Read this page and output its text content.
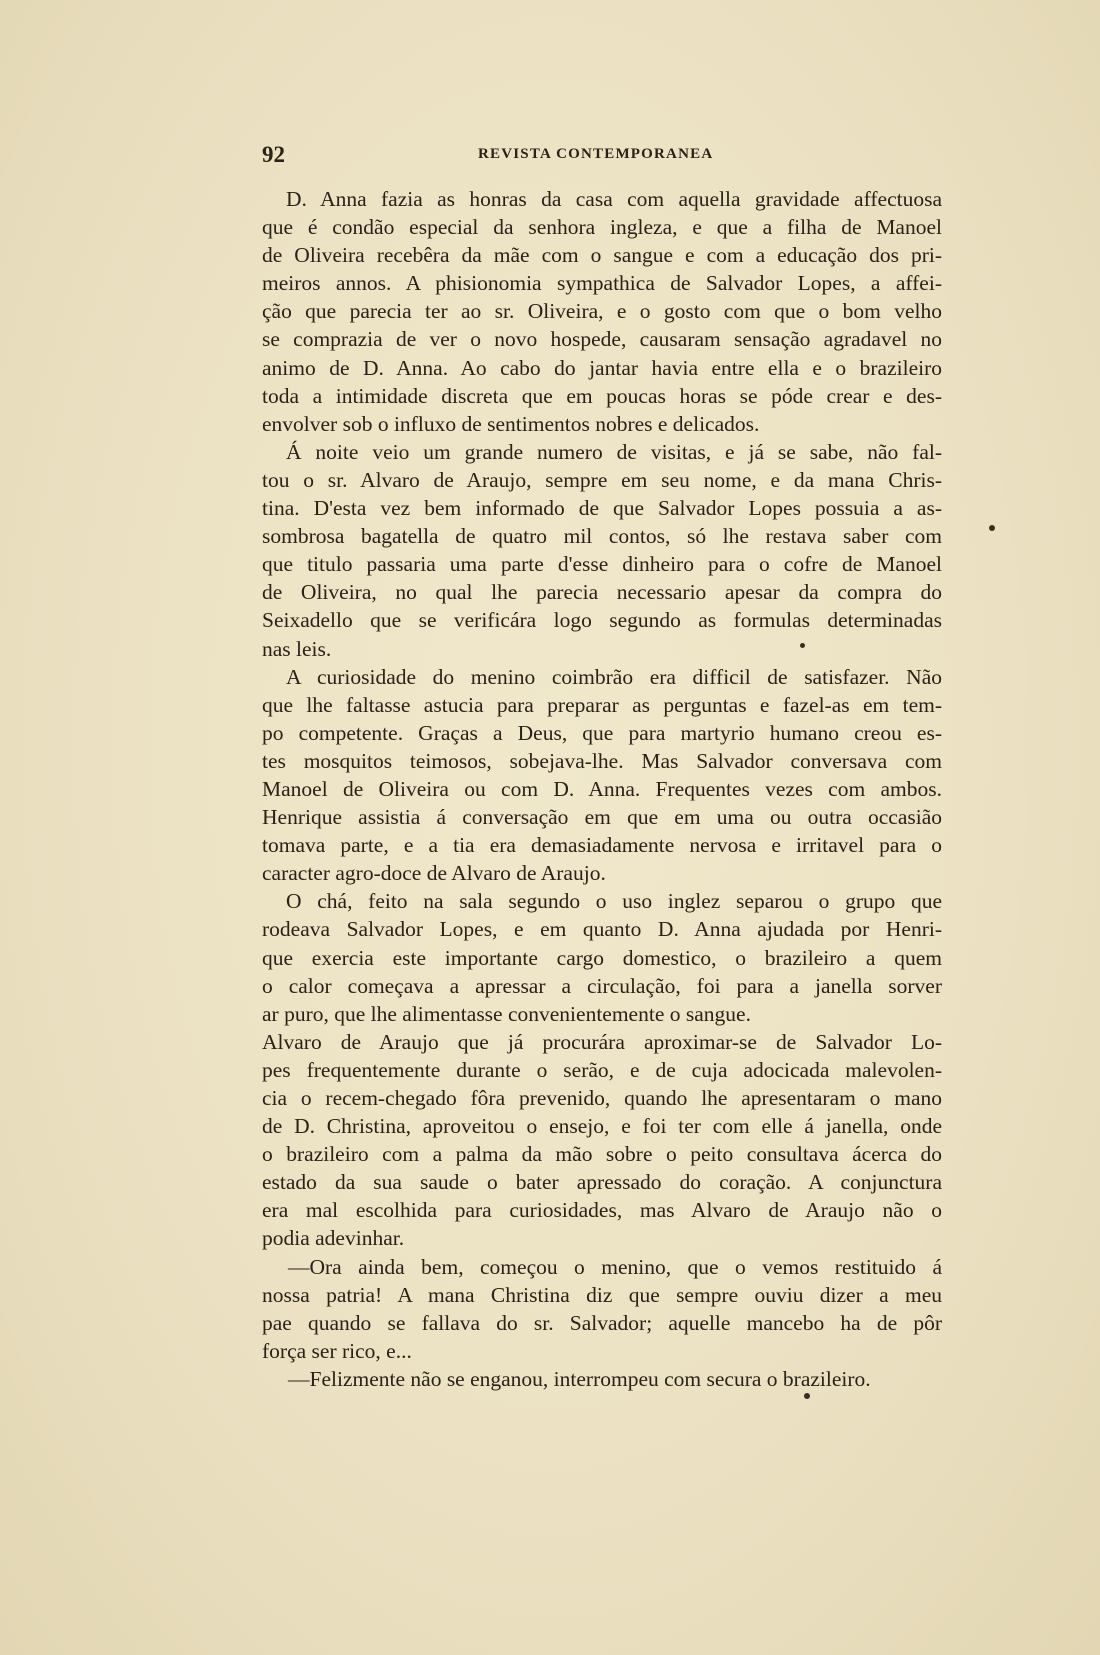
92	REVISTA CONTEMPORANEA
D. Anna fazia as honras da casa com aquella gravidade affectuosa
que é condão especial da senhora ingleza, e que a filha de Manoel
de Oliveira recebêra da mãe com o sangue e com a educação dos pri-
meiros annos. A phisionomia sympathica de Salvador Lopes, a affei-
ção que parecia ter ao sr. Oliveira, e o gosto com que o bom velho
se comprazia de ver o novo hospede, causaram sensação agradavel no
animo de D. Anna. Ao cabo do jantar havia entre ella e o brazileiro
toda a intimidade discreta que em poucas horas se póde crear e des-
envolver sob o influxo de sentimentos nobres e delicados.
Á noite veio um grande numero de visitas, e já se sabe, não fal-
tou o sr. Alvaro de Araujo, sempre em seu nome, e da mana Chris-
tina. D'esta vez bem informado de que Salvador Lopes possuia a as-
sombrosa bagatella de quatro mil contos, só lhe restava saber com
que titulo passaria uma parte d'esse dinheiro para o cofre de Manoel
de Oliveira, no qual lhe parecia necessario apesar da compra do
Seixadello que se verificára logo segundo as formulas determinadas
nas leis.
A curiosidade do menino coimbrão era difficil de satisfazer. Não
que lhe faltasse astucia para preparar as perguntas e fazel-as em tem-
po competente. Graças a Deus, que para martyrio humano creou es-
tes mosquitos teimosos, sobejava-lhe. Mas Salvador conversava com
Manoel de Oliveira ou com D. Anna. Frequentes vezes com ambos.
Henrique assistia á conversação em que em uma ou outra occasião
tomava parte, e a tia era demasiadamente nervosa e irritavel para o
caracter agro-doce de Alvaro de Araujo.
O chá, feito na sala segundo o uso inglez separou o grupo que
rodeava Salvador Lopes, e em quanto D. Anna ajudada por Henri-
que exercia este importante cargo domestico, o brazileiro a quem
o calor começava a apressar a circulação, foi para a janella sorver
ar puro, que lhe alimentasse convenientemente o sangue.
Alvaro de Araujo que já procurára aproximar-se de Salvador Lo-
pes frequentemente durante o serão, e de cuja adocicada malevolen-
cia o recem-chegado fôra prevenido, quando lhe apresentaram o mano
de D. Christina, aproveitou o ensejo, e foi ter com elle á janella, onde
o brazileiro com a palma da mão sobre o peito consultava ácerca do
estado da sua saude o bater apressado do coração. A conjunctura
era mal escolhida para curiosidades, mas Alvaro de Araujo não o
podia adevinhar.
—Ora ainda bem, começou o menino, que o vemos restituido á
nossa patria! A mana Christina diz que sempre ouviu dizer a meu
pae quando se fallava do sr. Salvador; aquelle mancebo ha de pôr
força ser rico, e...
—Felizmente não se enganou, interrompeu com secura o brazileiro.
